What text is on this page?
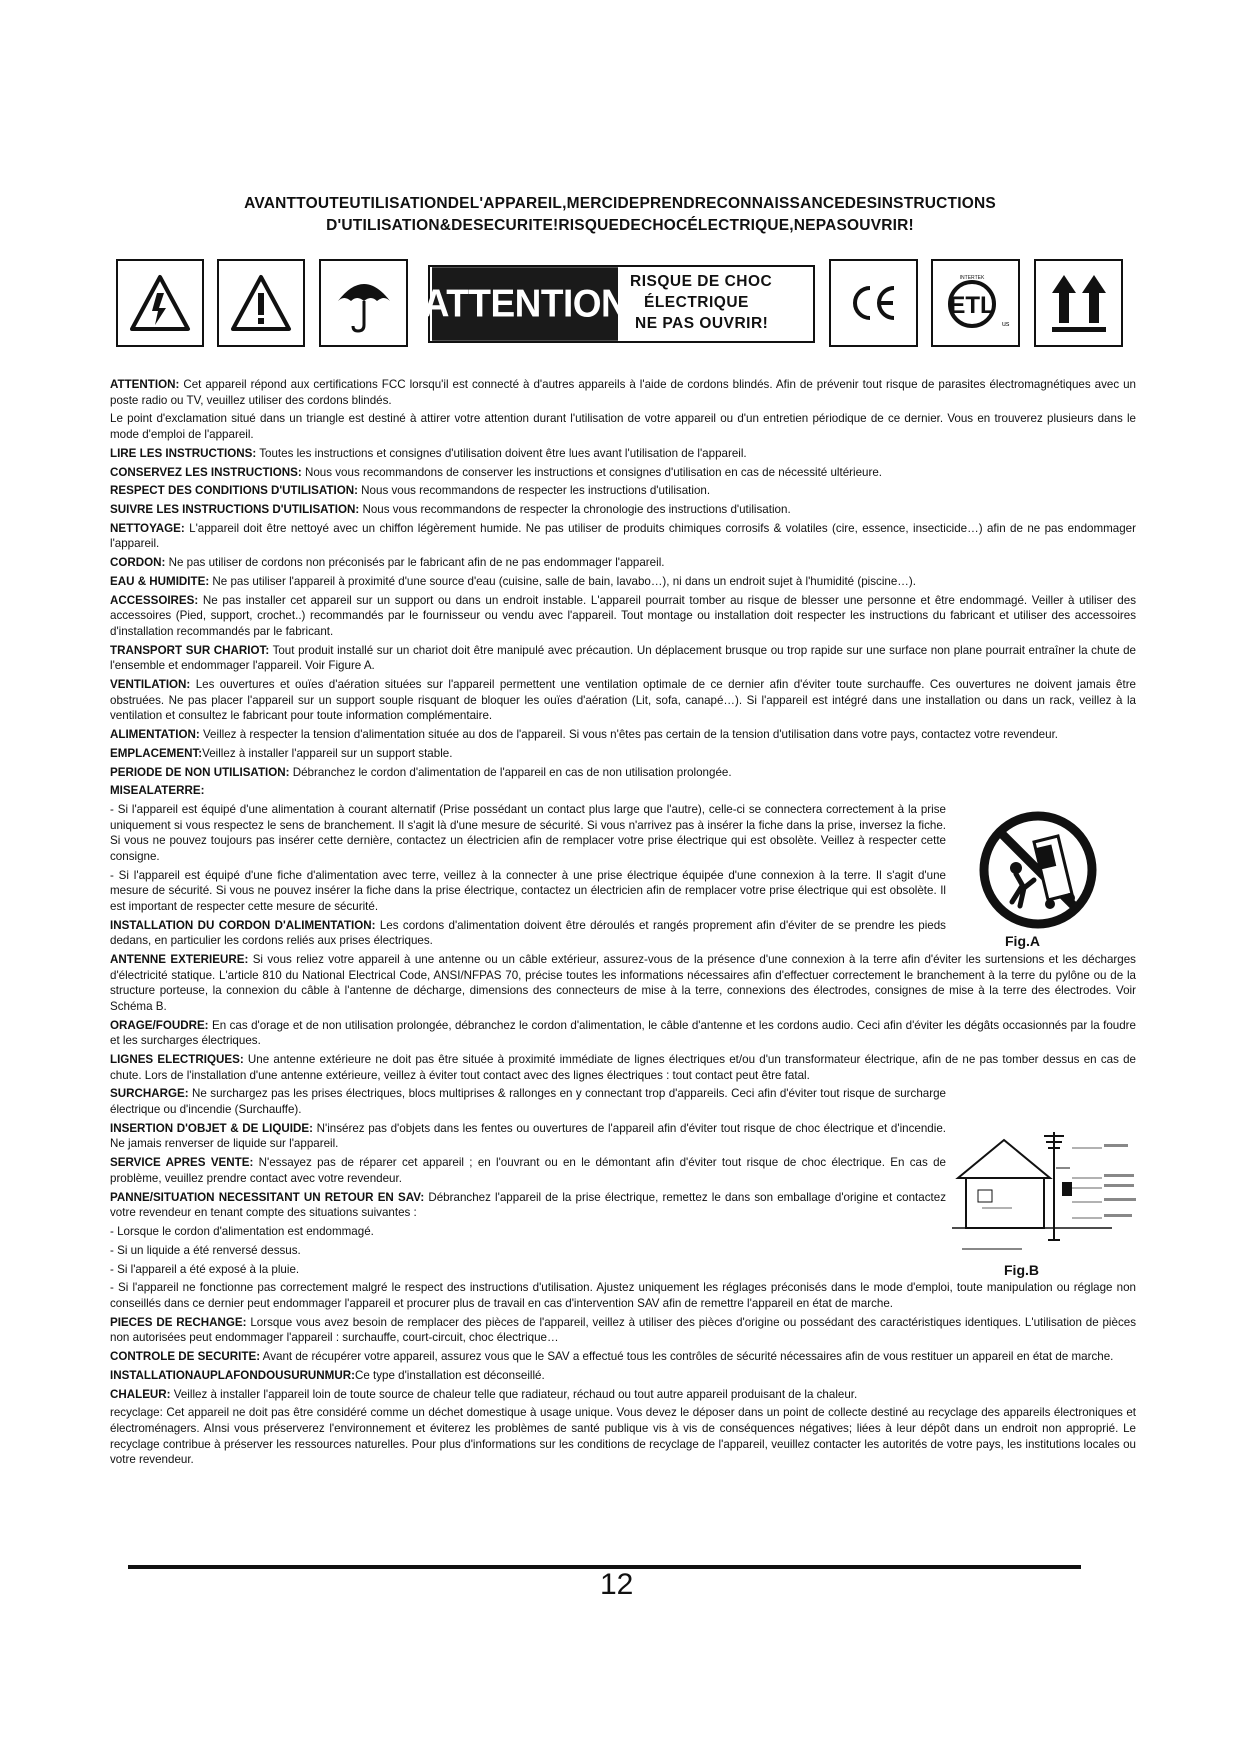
AVANTTOUTEUTILISATIONDEL'APPAREIL,MERCIDEPRENDRECONNAISSANCEDESINSTRUCTIONS
D'UTILISATION&DESECURITE!RISQUEDECHOCÉLECTRIQUE,NEPASOUVRIR!
ATTENTION
RISQUE DE CHOC
ÉLECTRIQUE
NE PAS OUVRIR!
ETL
INTERTEK
us

ATTENTION: Cet appareil répond aux certifications FCC lorsqu'il est connecté à d'autres appareils à l'aide de cordons blindés. Afin de prévenir tout risque de parasites électromagnétiques avec un poste radio ou TV, veuillez utiliser des cordons blindés.

Le point d'exclamation situé dans un triangle est destiné à attirer votre attention durant l'utilisation de votre appareil ou d'un entretien périodique de ce dernier. Vous en trouverez plusieurs dans le mode d'emploi de l'appareil.

LIRE LES INSTRUCTIONS: Toutes les instructions et consignes d'utilisation doivent être lues avant l'utilisation de l'appareil.

CONSERVEZ LES INSTRUCTIONS: Nous vous recommandons de conserver les instructions et consignes d'utilisation en cas de nécessité ultérieure.

RESPECT DES CONDITIONS D'UTILISATION: Nous vous recommandons de respecter les instructions d'utilisation.

SUIVRE LES INSTRUCTIONS D'UTILISATION: Nous vous recommandons de respecter la chronologie des instructions d'utilisation.

NETTOYAGE: L'appareil doit être nettoyé avec un chiffon légèrement humide. Ne pas utiliser de produits chimiques corrosifs & volatiles (cire, essence, insecticide…) afin de ne pas endommager l'appareil.

CORDON: Ne pas utiliser de cordons non préconisés par le fabricant afin de ne pas endommager l'appareil.

EAU & HUMIDITE: Ne pas utiliser l'appareil à proximité d'une source d'eau (cuisine, salle de bain, lavabo…), ni dans un endroit sujet à l'humidité (piscine…).

ACCESSOIRES: Ne pas installer cet appareil sur un support ou dans un endroit instable. L'appareil pourrait tomber au risque de blesser une personne et être endommagé. Veiller à utiliser des accessoires (Pied, support, crochet..) recommandés par le fournisseur ou vendu avec l'appareil. Tout montage ou installation doit respecter les instructions du fabricant et utiliser des accessoires d'installation recommandés par le fabricant.

TRANSPORT SUR CHARIOT: Tout produit installé sur un chariot doit être manipulé avec précaution. Un déplacement brusque ou trop rapide sur une surface non plane pourrait entraîner la chute de l'ensemble et endommager l'appareil. Voir Figure A.

VENTILATION: Les ouvertures et ouïes d'aération situées sur l'appareil permettent une ventilation optimale de ce dernier afin d'éviter toute surchauffe. Ces ouvertures ne doivent jamais être obstruées. Ne pas placer l'appareil sur un support souple risquant de bloquer les ouïes d'aération (Lit, sofa, canapé…). Si l'appareil est intégré dans une installation ou dans un rack, veillez à la ventilation et consultez le fabricant pour toute information complémentaire.

ALIMENTATION: Veillez à respecter la tension d'alimentation située au dos de l'appareil. Si vous n'êtes pas certain de la tension d'utilisation dans votre pays, contactez votre revendeur.

EMPLACEMENT:Veillez à installer l'appareil sur un support stable.

PERIODE DE NON UTILISATION: Débranchez le cordon d'alimentation de l'appareil en cas de non utilisation prolongée.

MISEALATERRE:

- Si l'appareil est équipé d'une alimentation à courant alternatif (Prise possédant un contact plus large que l'autre), celle-ci se connectera correctement à la prise uniquement si vous respectez le sens de branchement. Il s'agit là d'une mesure de sécurité. Si vous n'arrivez pas à insérer la fiche dans la prise, inversez la fiche. Si vous ne pouvez toujours pas insérer cette dernière, contactez un électricien afin de remplacer votre prise électrique qui est obsolète. Veillez à respecter cette consigne.

- Si l'appareil est équipé d'une fiche d'alimentation avec terre, veillez à la connecter à une prise électrique équipée d'une connexion à la terre. Il s'agit d'une mesure de sécurité. Si vous ne pouvez insérer la fiche dans la prise électrique, contactez un électricien afin de remplacer votre prise électrique qui est obsolète. Il est important de respecter cette mesure de sécurité.

INSTALLATION DU CORDON D'ALIMENTATION: Les cordons d'alimentation doivent être déroulés et rangés proprement afin d'éviter de se prendre les pieds dedans, en particulier les cordons reliés aux prises électriques.

ANTENNE EXTERIEURE: Si vous reliez votre appareil à une antenne ou un câble extérieur, assurez-vous de la présence d'une connexion à la terre afin d'éviter les surtensions et les décharges d'électricité statique. L'article 810 du National Electrical Code, ANSI/NFPAS 70, précise toutes les informations nécessaires afin d'effectuer correctement le branchement à la terre du pylône ou de la structure porteuse, la connexion du câble à l'antenne de décharge, dimensions des connecteurs de mise à la terre, connexions des électrodes, consignes de mise à la terre des électrodes. Voir Schéma B.

ORAGE/FOUDRE: En cas d'orage et de non utilisation prolongée, débranchez le cordon d'alimentation, le câble d'antenne et les cordons audio. Ceci afin d'éviter les dégâts occasionnés par la foudre et les surcharges électriques.

LIGNES ELECTRIQUES: Une antenne extérieure ne doit pas être située à proximité immédiate de lignes électriques et/ou d'un transformateur électrique, afin de ne pas tomber dessus en cas de chute. Lors de l'installation d'une antenne extérieure, veillez à éviter tout contact avec des lignes électriques : tout contact peut être fatal.

SURCHARGE: Ne surchargez pas les prises électriques, blocs multiprises & rallonges en y connectant trop d'appareils. Ceci afin d'éviter tout risque de surcharge électrique ou d'incendie (Surchauffe).

INSERTION D'OBJET & DE LIQUIDE: N'insérez pas d'objets dans les fentes ou ouvertures de l'appareil afin d'éviter tout risque de choc électrique et d'incendie. Ne jamais renverser de liquide sur l'appareil.

SERVICE APRES VENTE: N'essayez pas de réparer cet appareil ; en l'ouvrant ou en le démontant afin d'éviter tout risque de choc électrique. En cas de problème, veuillez prendre contact avec votre revendeur.

PANNE/SITUATION NECESSITANT UN RETOUR EN SAV: Débranchez l'appareil de la prise électrique, remettez le dans son emballage d'origine et contactez votre revendeur en tenant compte des situations suivantes :

- Lorsque le cordon d'alimentation est endommagé.

- Si un liquide a été renversé dessus.

- Si l'appareil a été exposé à la pluie.

- Si l'appareil ne fonctionne pas correctement malgré le respect des instructions d'utilisation. Ajustez uniquement les réglages préconisés dans le mode d'emploi, toute manipulation ou réglage non conseillés dans ce dernier peut endommager l'appareil et procurer plus de travail en cas d'intervention SAV afin de remettre l'appareil en état de marche.

PIECES DE RECHANGE: Lorsque vous avez besoin de remplacer des pièces de l'appareil, veillez à utiliser des pièces d'origine ou possédant des caractéristiques identiques. L'utilisation de pièces non autorisées peut endommager l'appareil : surchauffe, court-circuit, choc électrique…

CONTROLE DE SECURITE: Avant de récupérer votre appareil, assurez vous que le SAV a effectué tous les contrôles de sécurité nécessaires afin de vous restituer un appareil en état de marche.

INSTALLATIONAUPLAFONDOUSURUNMUR:Ce type d'installation est déconseillé.

CHALEUR: Veillez à installer l'appareil loin de toute source de chaleur telle que radiateur, réchaud ou tout autre appareil produisant de la chaleur.

recyclage: Cet appareil ne doit pas être considéré comme un déchet domestique à usage unique. Vous devez le déposer dans un point de collecte destiné au recyclage des appareils électroniques et électroménagers. AInsi vous préserverez l'environnement et éviterez les problèmes de santé publique vis à vis de conséquences négatives; liées à leur dépôt dans un endroit non approprié. Le recyclage contribue à préserver les ressources naturelles. Pour plus d'informations sur les conditions de recyclage de l'appareil, veuillez contacter les autorités de votre pays, les institutions locales ou votre revendeur.

Fig.A
Fig.B
12
